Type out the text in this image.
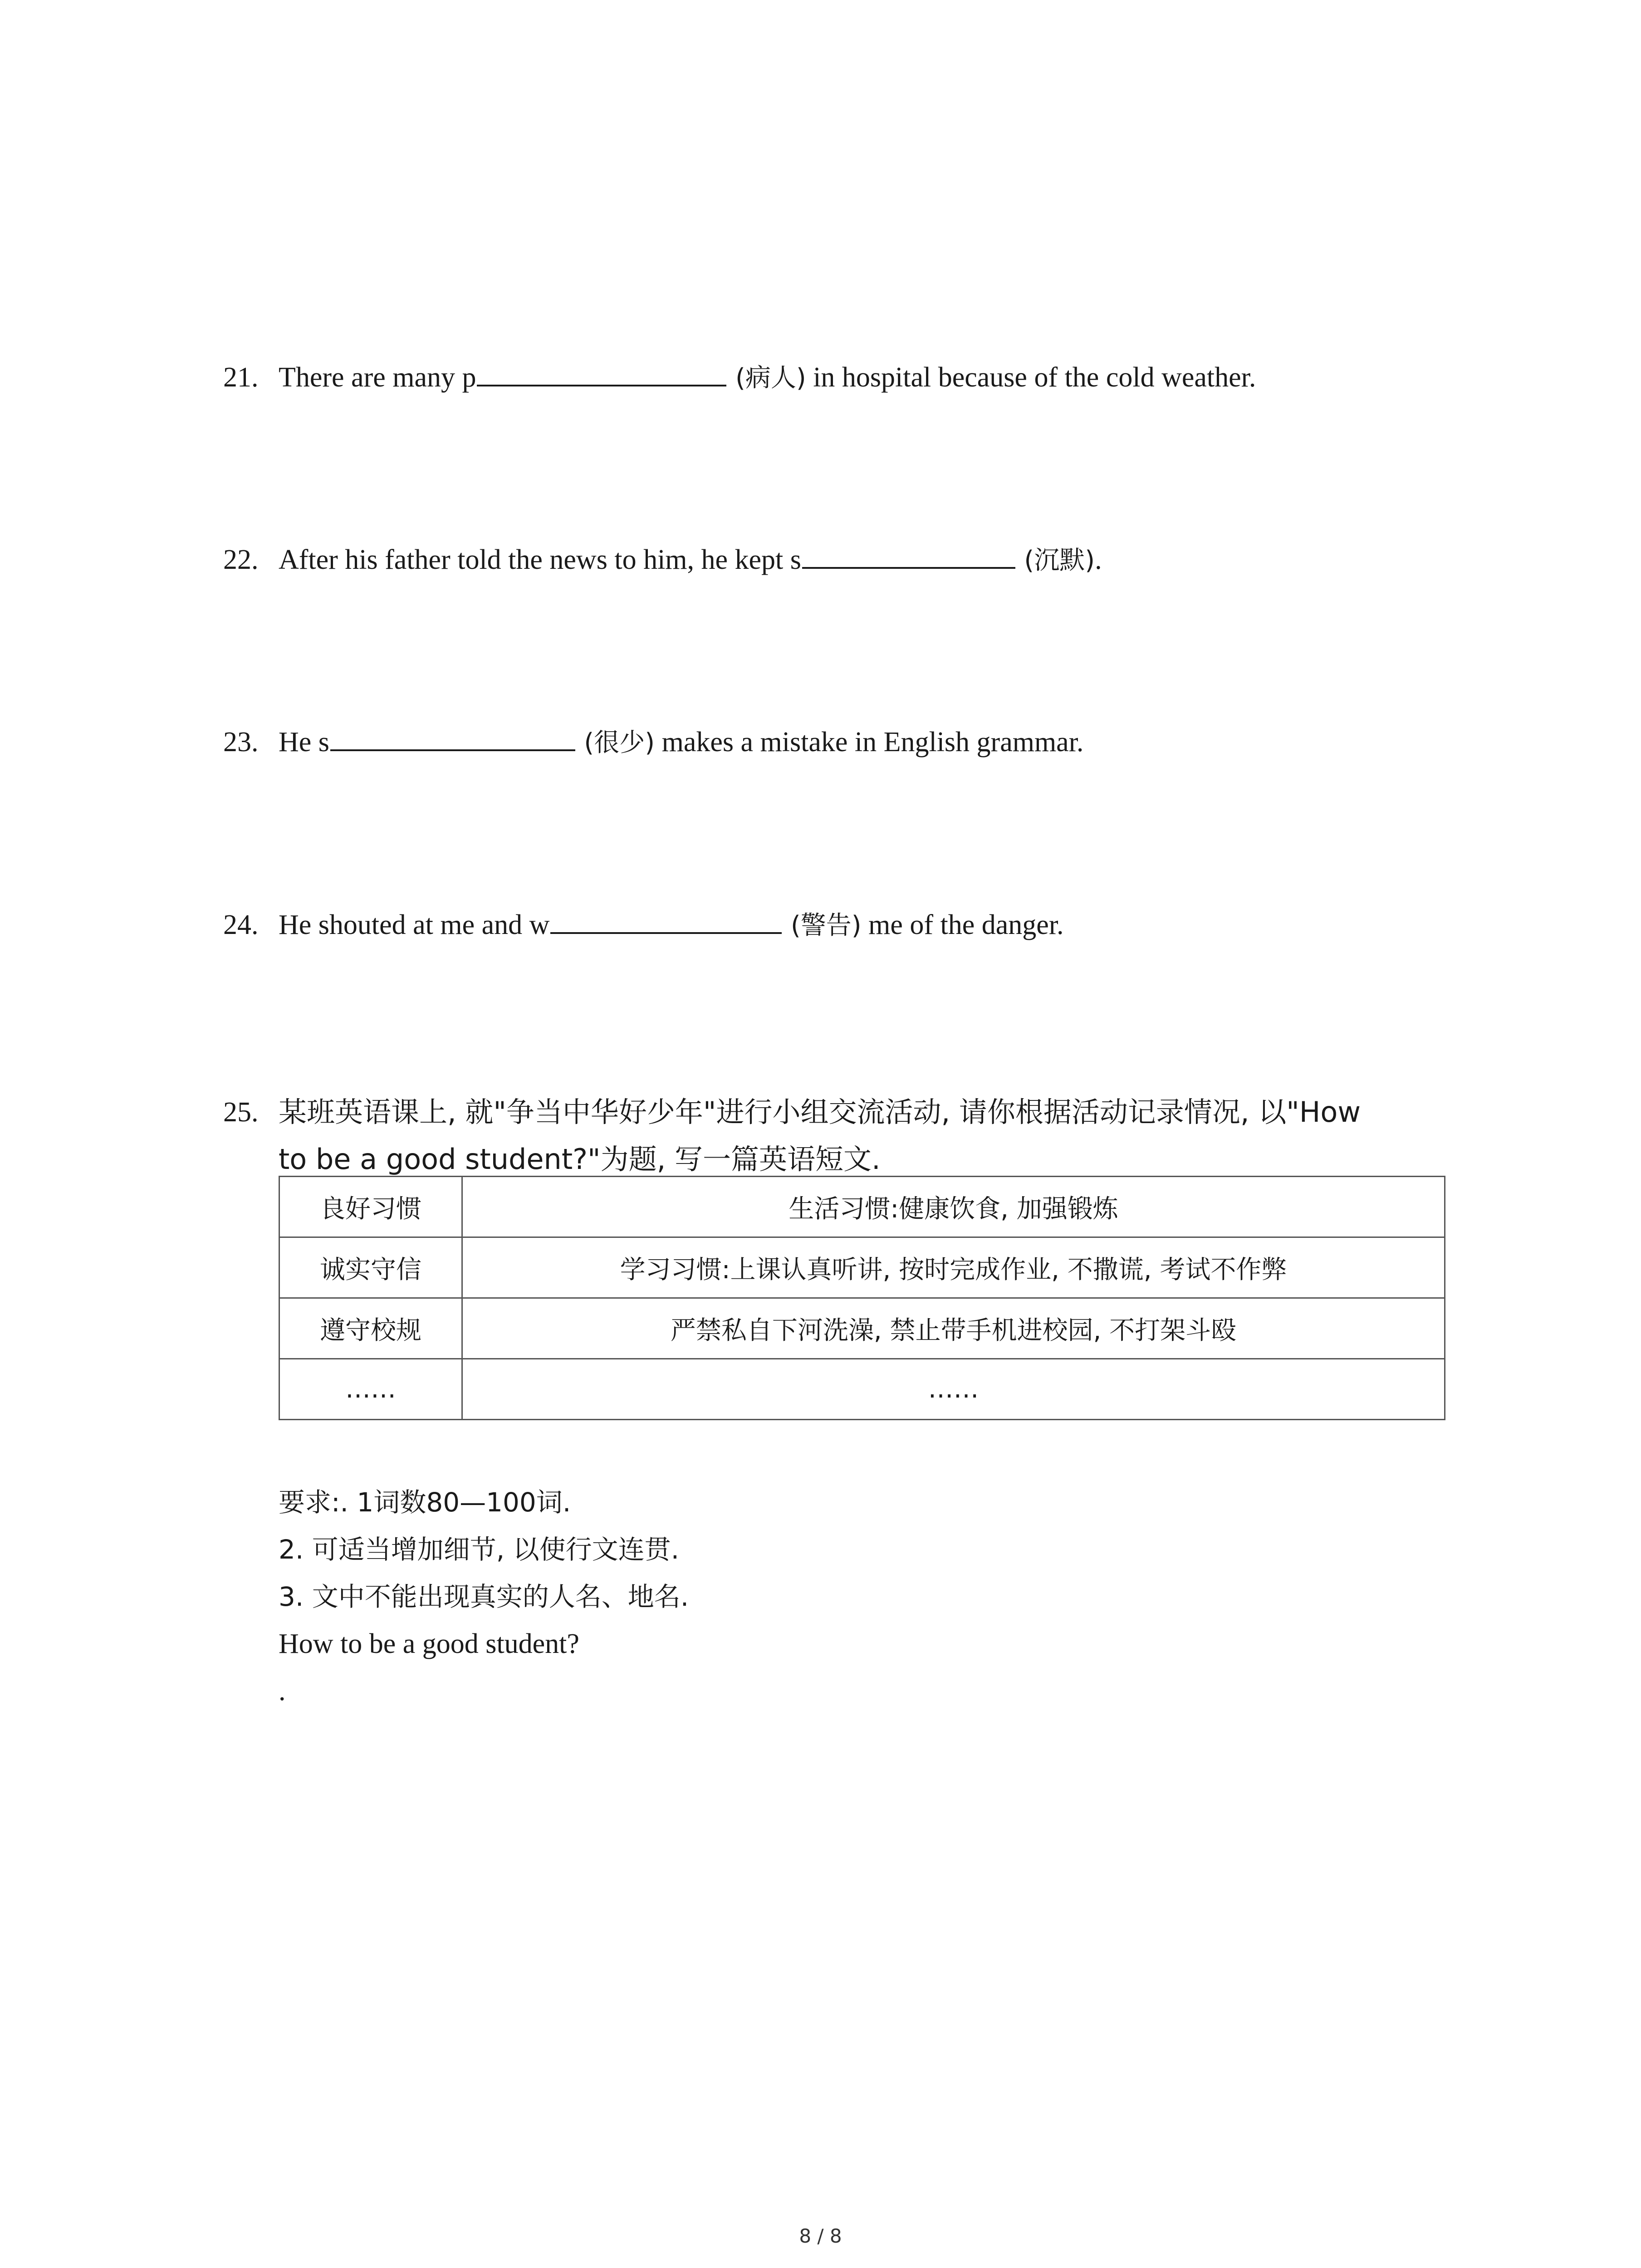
21. There are many p	(病人) in hospital because of the cold weather.
22. After his father told the news to him, he kept s	(沉默).
23. He s	(很少) makes a mistake in English grammar.
24. He shouted at me and w	(警告) me of the danger.
25. 某班英语课上, 就"争当中华好少年"进行小组交流活动, 请你根据活动记录情况, 以"How
to be a good student?"为题, 写一篇英语短文.
良好习惯	生活习惯:健康饮食, 加强锻炼
诚实守信	学习习惯:上课认真听讲, 按时完成作业, 不撒谎, 考试不作弊
遵守校规	严禁私自下河洗澡, 禁止带手机进校园, 不打架斗殴
……	……
要求:. 1词数80—100词.
2. 可适当增加细节, 以使行文连贯.
3. 文中不能出现真实的人名、地名.
How to be a good student?
.
8 / 8
